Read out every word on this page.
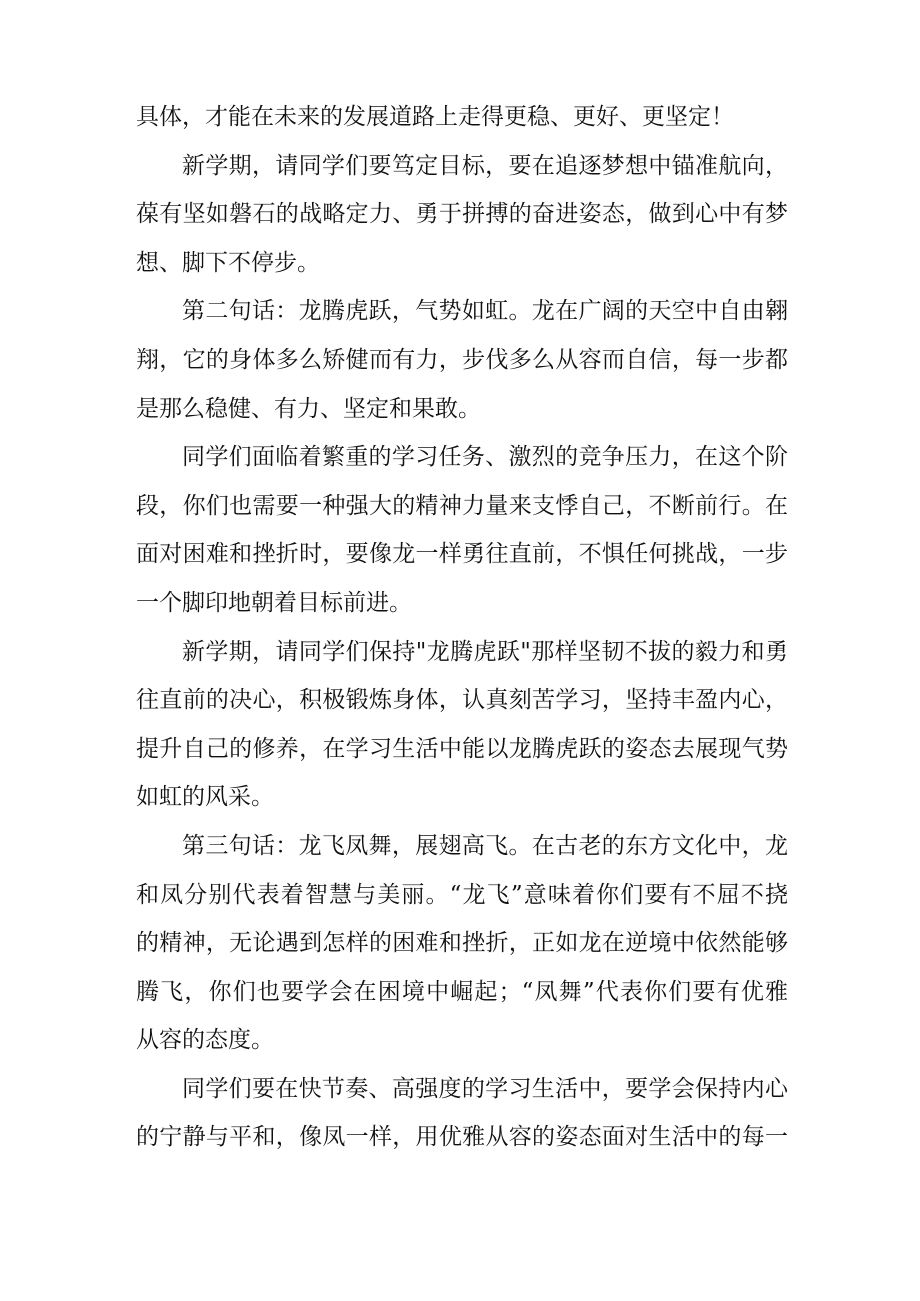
具体，才能在未来的发展道路上走得更稳、更好、更坚定！
新学期，请同学们要笃定目标，要在追逐梦想中锚准航向，
葆有坚如磐石的战略定力、勇于拼搏的奋进姿态，做到心中有梦
想、脚下不停步。
第二句话：龙腾虎跃，气势如虹。龙在广阔的天空中自由翱
翔，它的身体多么矫健而有力，步伐多么从容而自信，每一步都
是那么稳健、有力、坚定和果敢。
同学们面临着繁重的学习任务、激烈的竞争压力，在这个阶
段，你们也需要一种强大的精神力量来支悸自己，不断前行。在
面对困难和挫折时，要像龙一样勇往直前，不惧任何挑战，一步
一个脚印地朝着目标前进。
新学期，请同学们保持"龙腾虎跃"那样坚韧不拔的毅力和勇
往直前的决心，积极锻炼身体，认真刻苦学习，坚持丰盈内心，
提升自己的修养，在学习生活中能以龙腾虎跃的姿态去展现气势
如虹的风采。
第三句话：龙飞凤舞，展翅高飞。在古老的东方文化中，龙
和凤分别代表着智慧与美丽。“龙飞”意味着你们要有不屈不挠
的精神，无论遇到怎样的困难和挫折，正如龙在逆境中依然能够
腾飞，你们也要学会在困境中崛起；“凤舞”代表你们要有优雅
从容的态度。
同学们要在快节奏、高强度的学习生活中，要学会保持内心
的宁静与平和，像凤一样，用优雅从容的姿态面对生活中的每一
